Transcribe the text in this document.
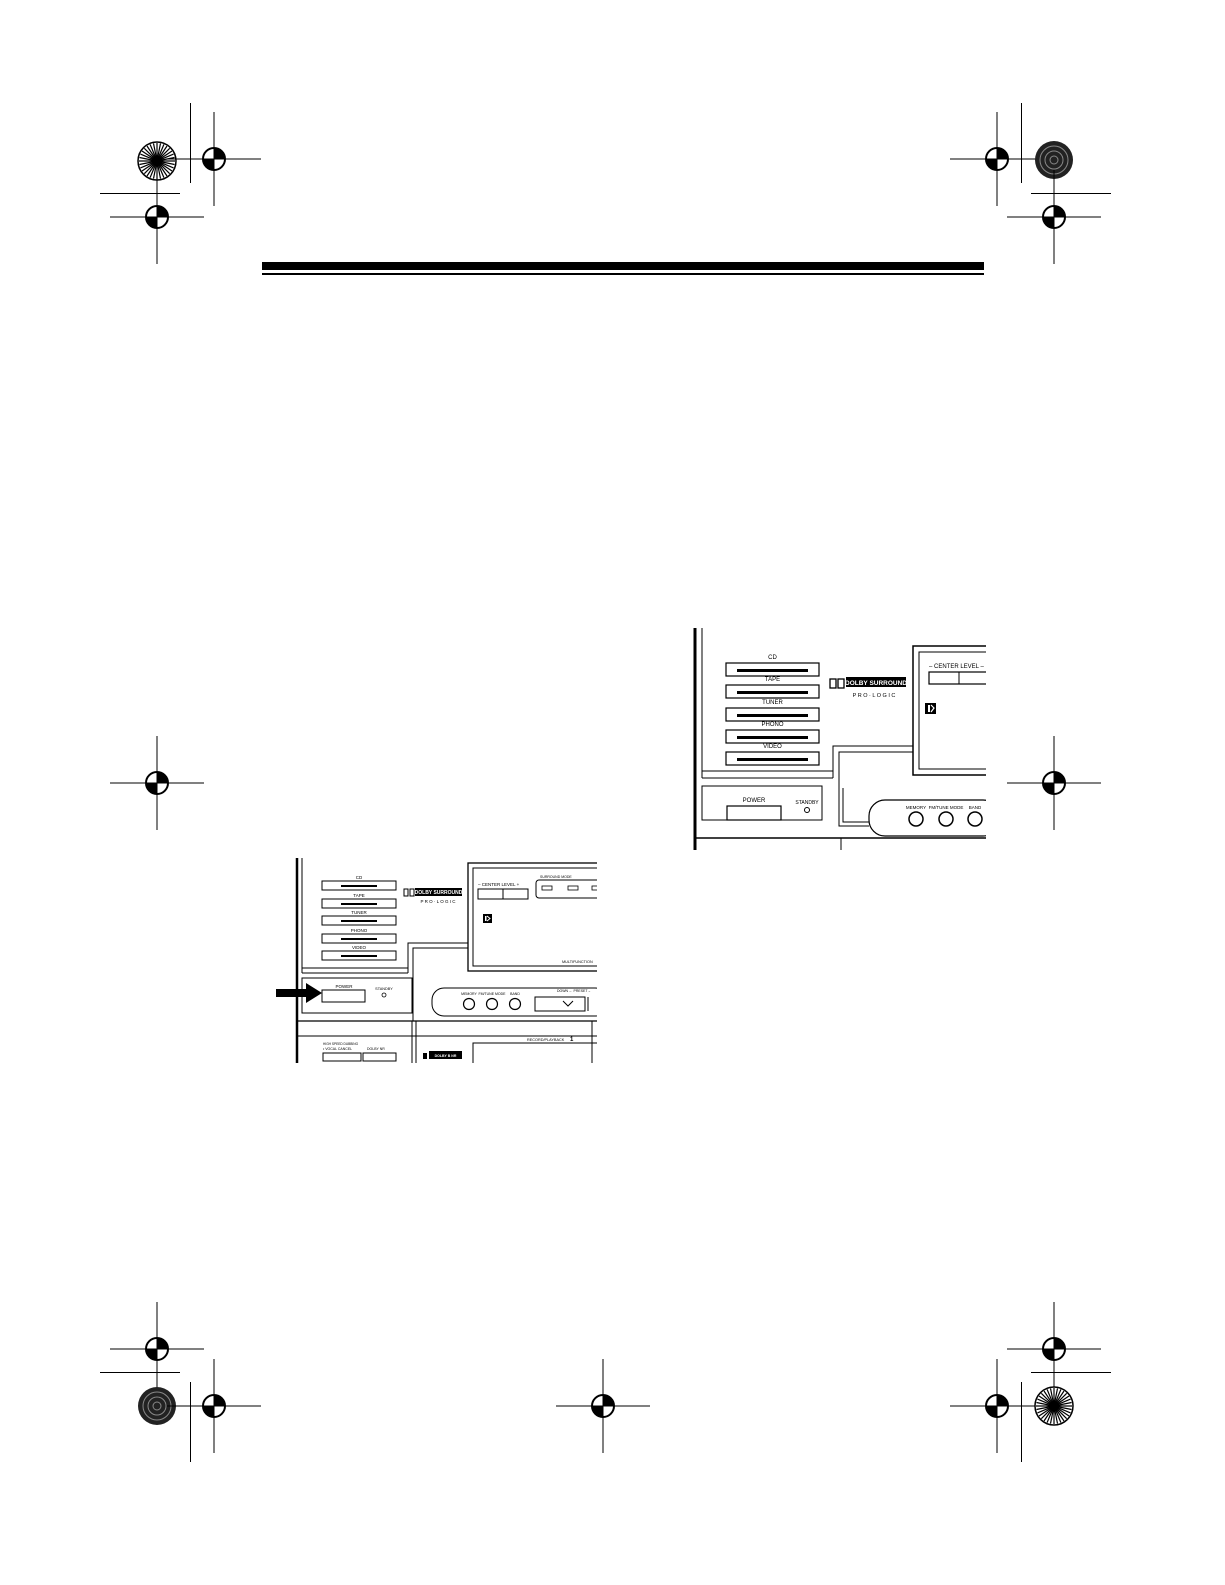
CD
TAPE
TUNER
PHONO
VIDEO
DOLBY SURROUND
P R O · L O G I C
– CENTER LEVEL –
POWER	STANDBY
MEMORY FM/TUNE MODE BAND
CD
TAPE
TUNER
PHONO
VIDEO
DOLBY SURROUND
P R O · L O G I C
– CENTER LEVEL +
SURROUND MODE
MULTIFUNCTION
POWER	STANDBY
MEMORY FM/TUNE MODE BAND
DOWN ← PRESET→
HIGH SPEED DUBBING
• VOCAL CANCEL	DOLBY NR
DOLBY B NR
RECORD/PLAYBACK 1
